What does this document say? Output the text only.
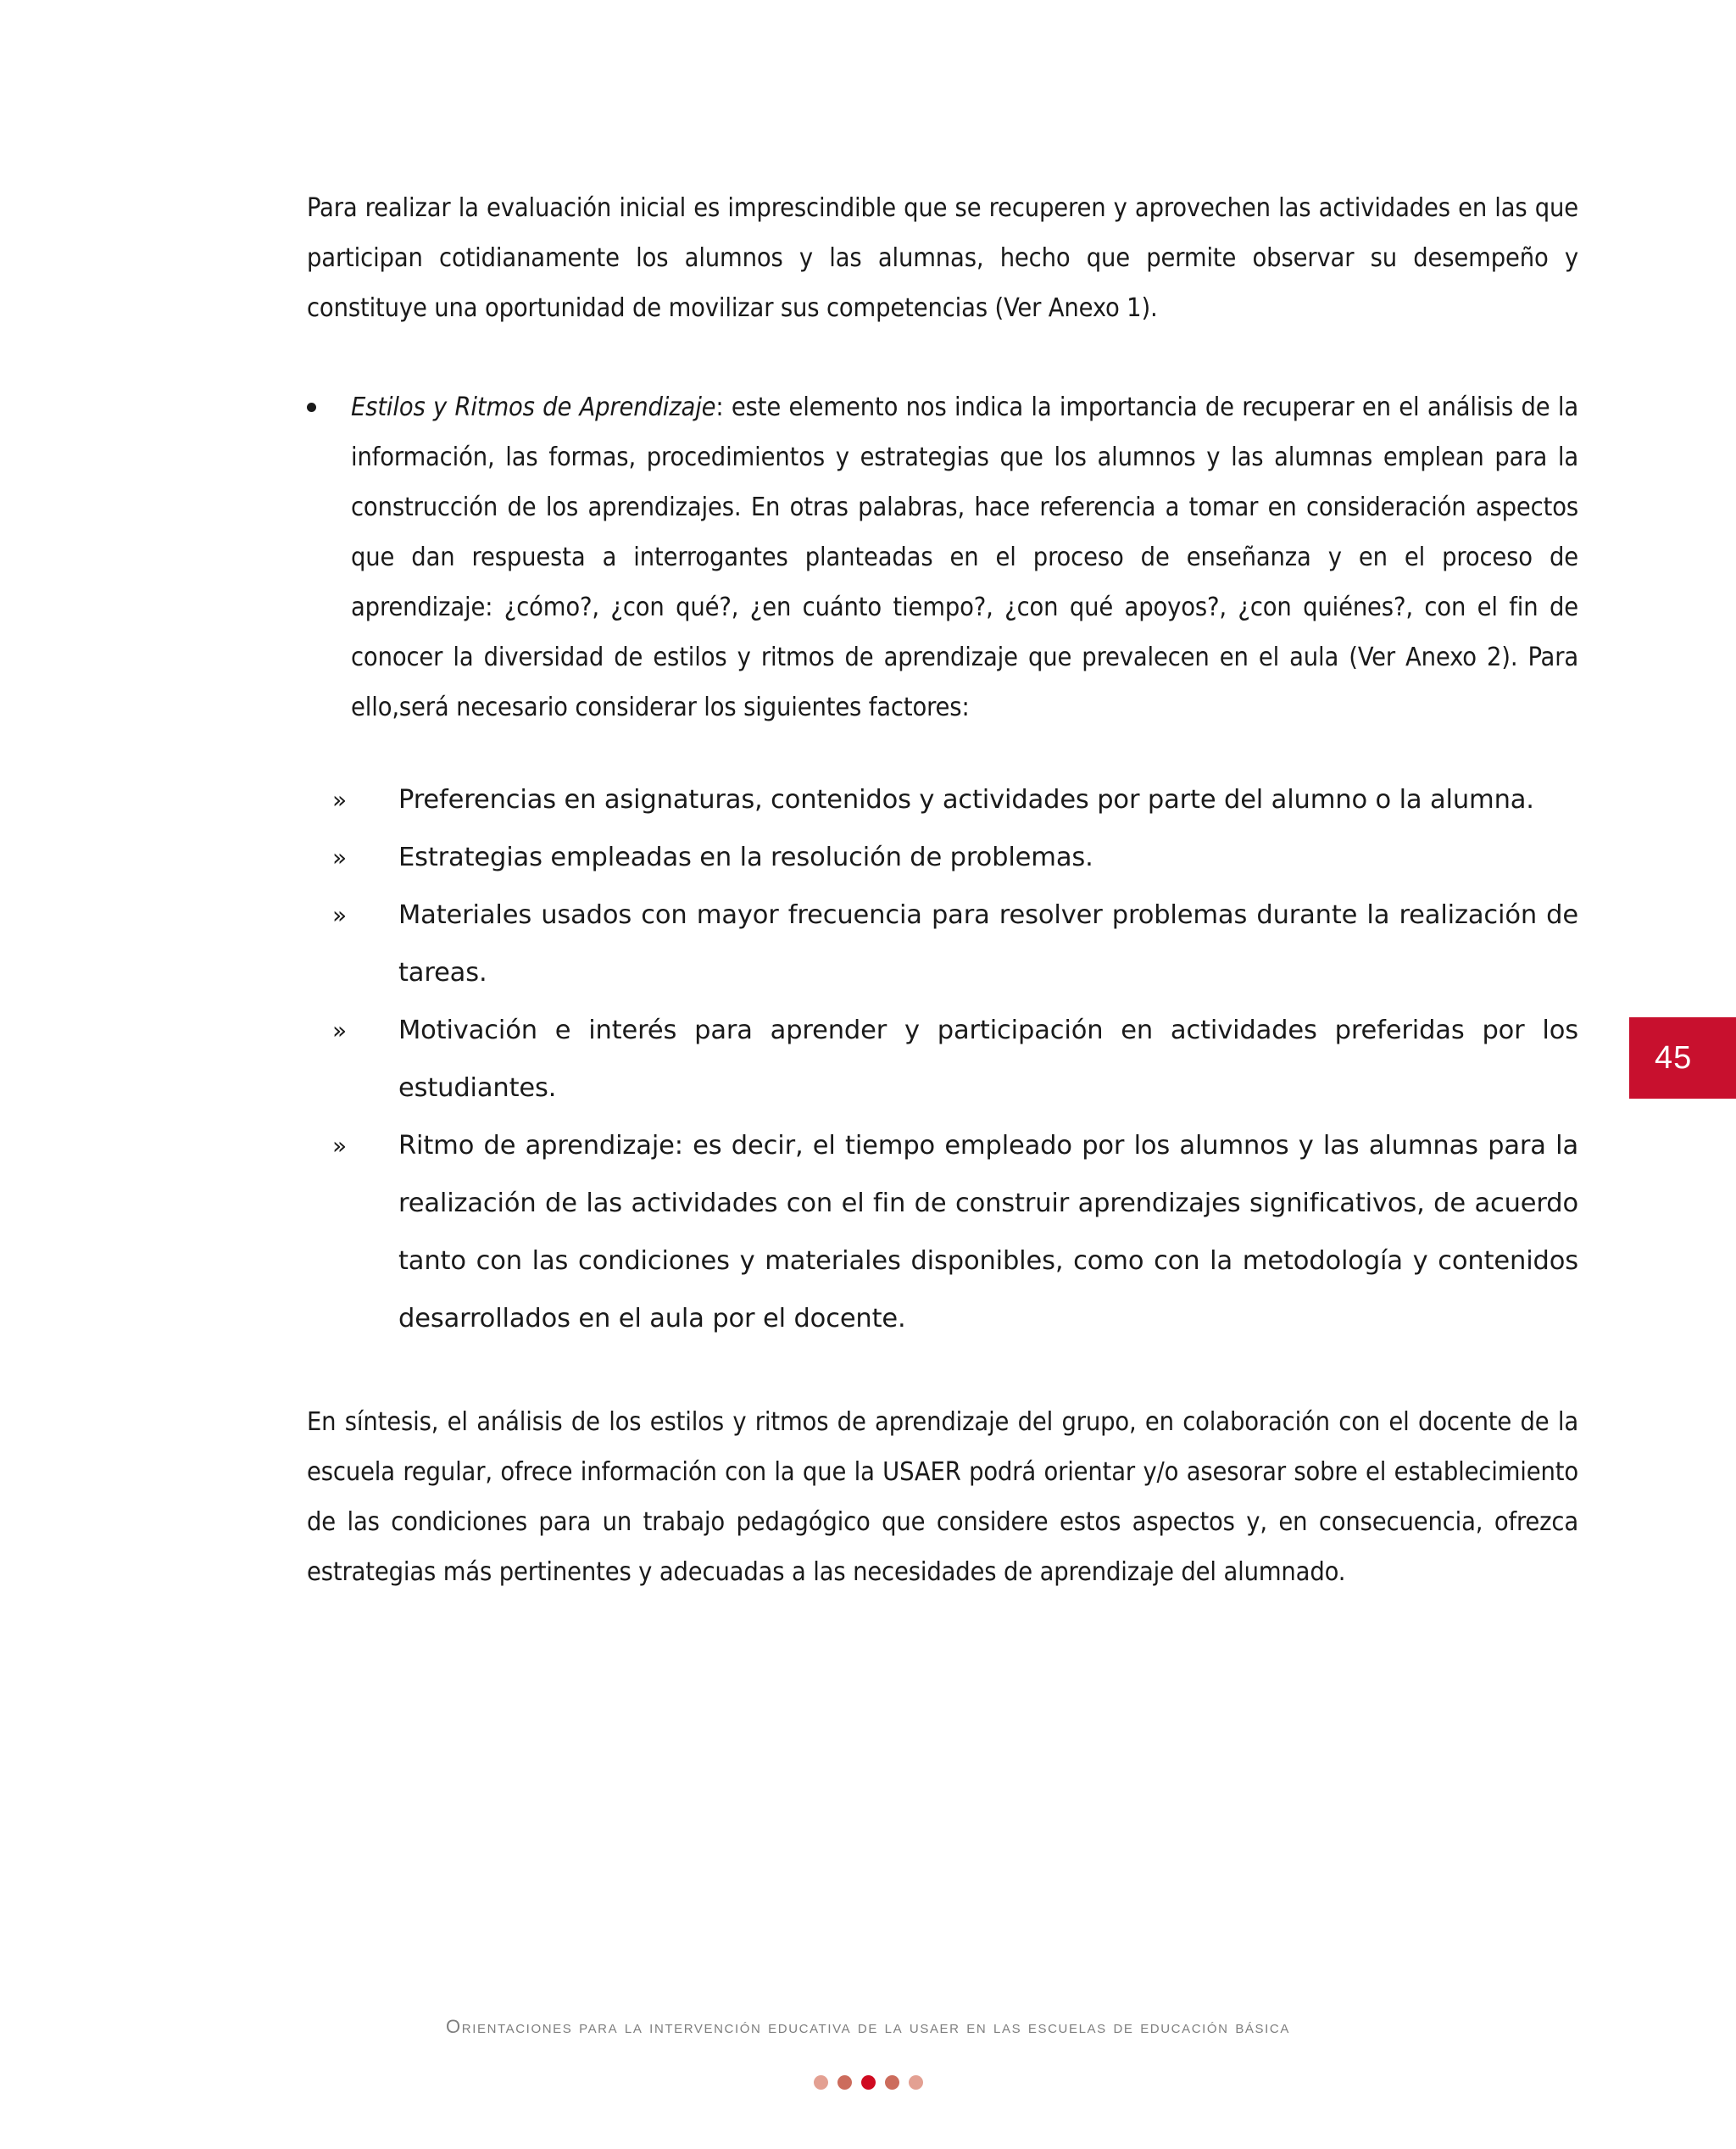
Para realizar la evaluación inicial es imprescindible que se recuperen y aprovechen las actividades en las que participan cotidianamente los alumnos y las alumnas, hecho que permite observar su desempeño y constituye una oportunidad de movilizar sus competencias (Ver Anexo 1).

Estilos y Ritmos de Aprendizaje: este elemento nos indica la importancia de recuperar en el análisis de la información, las formas, procedimientos y estrategias que los alumnos y las alumnas emplean para la construcción de los aprendizajes. En otras palabras, hace referencia a tomar en consideración aspectos que dan respuesta a interrogantes planteadas en el proceso de enseñanza y en el proceso de aprendizaje: ¿cómo?, ¿con qué?, ¿en cuánto tiempo?, ¿con qué apoyos?, ¿con quiénes?, con el fin de conocer la diversidad de estilos y ritmos de aprendizaje que prevalecen en el aula (Ver Anexo 2). Para ello,será necesario considerar los siguientes factores:

» Preferencias en asignaturas, contenidos y actividades por parte del alumno o la alumna.
» Estrategias empleadas en la resolución de problemas.
» Materiales usados con mayor frecuencia para resolver problemas durante la realización de tareas.
» Motivación e interés para aprender y participación en actividades preferidas por los estudiantes.
» Ritmo de aprendizaje: es decir, el tiempo empleado por los alumnos y las alumnas para la realización de las actividades con el fin de construir aprendizajes significativos, de acuerdo tanto con las condiciones y materiales disponibles, como con la metodología y contenidos desarrollados en el aula por el docente.

En síntesis, el análisis de los estilos y ritmos de aprendizaje del grupo, en colaboración con el docente de la escuela regular, ofrece información con la que la USAER podrá orientar y/o asesorar sobre el establecimiento de las condiciones para un trabajo pedagógico que considere estos aspectos y, en consecuencia, ofrezca estrategias más pertinentes y adecuadas a las necesidades de aprendizaje del alumnado.

45
Orientaciones para la intervención educativa de la usaer en las escuelas de educación básica
